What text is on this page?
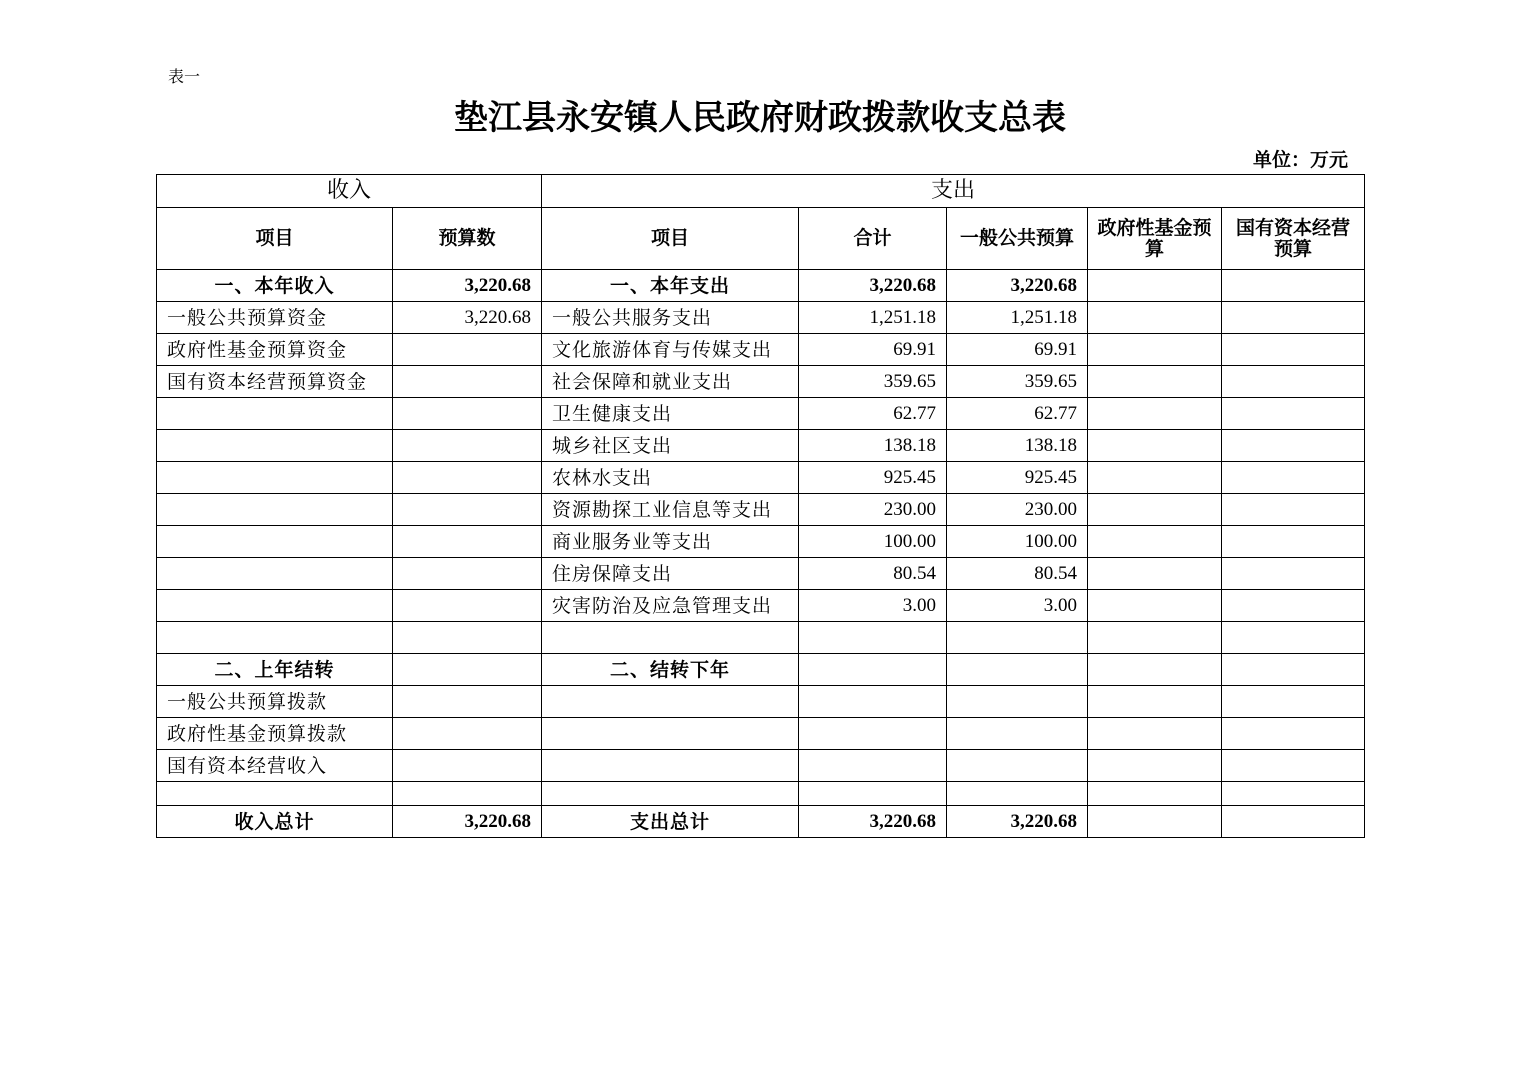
表一
垫江县永安镇人民政府财政拨款收支总表
单位：万元
收入		支出				
项目	预算数	项目	合计	一般公共预算	政府性基金预算	国有资本经营预算
一、本年收入	3,220.68	一、本年支出	3,220.68	3,220.68		
一般公共预算资金	3,220.68	一般公共服务支出	1,251.18	1,251.18		
政府性基金预算资金		文化旅游体育与传媒支出	69.91	69.91		
国有资本经营预算资金		社会保障和就业支出	359.65	359.65		
		卫生健康支出	62.77	62.77		
		城乡社区支出	138.18	138.18		
		农林水支出	925.45	925.45		
		资源勘探工业信息等支出	230.00	230.00		
		商业服务业等支出	100.00	100.00		
		住房保障支出	80.54	80.54		
		灾害防治及应急管理支出	3.00	3.00		

二、上年结转		二、结转下年				
一般公共预算拨款						
政府性基金预算拨款						
国有资本经营收入						

收入总计	3,220.68	支出总计	3,220.68	3,220.68		
